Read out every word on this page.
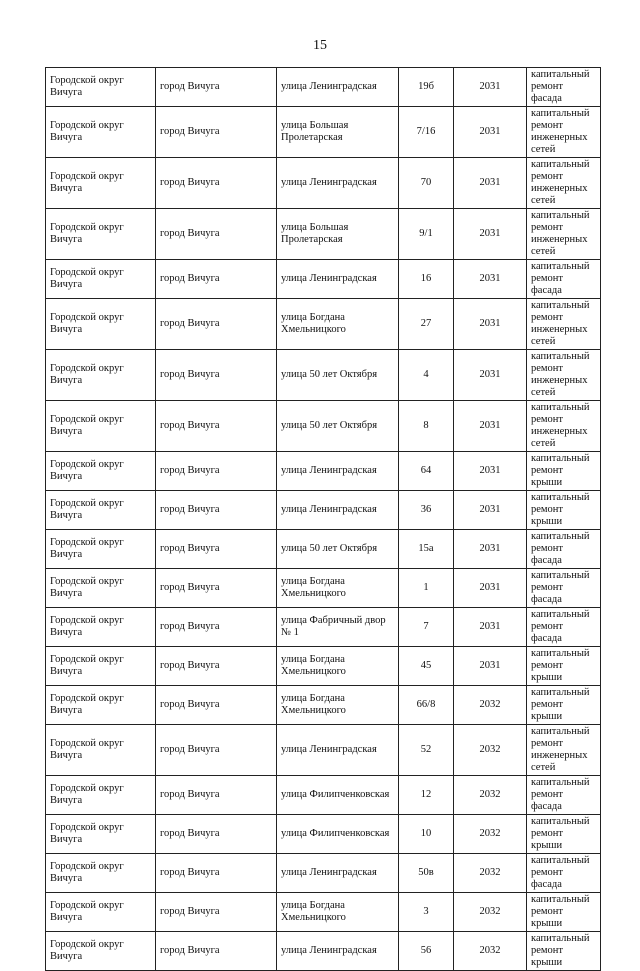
15
Городской округ Вичуга	город Вичуга	улица Ленинградская	19б	2031	капитальный ремонт фасада
Городской округ Вичуга	город Вичуга	улица Большая Пролетарская	7/16	2031	капитальный ремонт инженерных сетей
Городской округ Вичуга	город Вичуга	улица Ленинградская	70	2031	капитальный ремонт инженерных сетей
Городской округ Вичуга	город Вичуга	улица Большая Пролетарская	9/1	2031	капитальный ремонт инженерных сетей
Городской округ Вичуга	город Вичуга	улица Ленинградская	16	2031	капитальный ремонт фасада
Городской округ Вичуга	город Вичуга	улица Богдана Хмельницкого	27	2031	капитальный ремонт инженерных сетей
Городской округ Вичуга	город Вичуга	улица 50 лет Октября	4	2031	капитальный ремонт инженерных сетей
Городской округ Вичуга	город Вичуга	улица 50 лет Октября	8	2031	капитальный ремонт инженерных сетей
Городской округ Вичуга	город Вичуга	улица Ленинградская	64	2031	капитальный ремонт крыши
Городской округ Вичуга	город Вичуга	улица Ленинградская	36	2031	капитальный ремонт крыши
Городской округ Вичуга	город Вичуга	улица 50 лет Октября	15а	2031	капитальный ремонт фасада
Городской округ Вичуга	город Вичуга	улица Богдана Хмельницкого	1	2031	капитальный ремонт фасада
Городской округ Вичуга	город Вичуга	улица Фабричный двор № 1	7	2031	капитальный ремонт фасада
Городской округ Вичуга	город Вичуга	улица Богдана Хмельницкого	45	2031	капитальный ремонт крыши
Городской округ Вичуга	город Вичуга	улица Богдана Хмельницкого	66/8	2032	капитальный ремонт крыши
Городской округ Вичуга	город Вичуга	улица Ленинградская	52	2032	капитальный ремонт инженерных сетей
Городской округ Вичуга	город Вичуга	улица Филипченковская	12	2032	капитальный ремонт фасада
Городской округ Вичуга	город Вичуга	улица Филипченковская	10	2032	капитальный ремонт крыши
Городской округ Вичуга	город Вичуга	улица Ленинградская	50в	2032	капитальный ремонт фасада
Городской округ Вичуга	город Вичуга	улица Богдана Хмельницкого	3	2032	капитальный ремонт крыши
Городской округ Вичуга	город Вичуга	улица Ленинградская	56	2032	капитальный ремонт крыши
